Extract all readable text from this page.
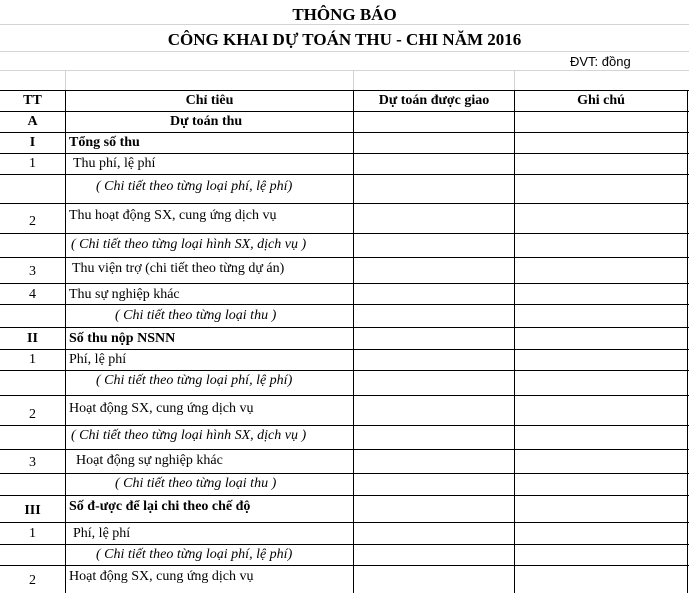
THÔNG BÁO
CÔNG KHAI DỰ TOÁN THU - CHI NĂM 2016
ĐVT: đồng
TT	Chỉ tiêu	Dự toán được giao	Ghi chú
A	Dự toán thu
I	Tổng số thu
1	Thu phí, lệ phí
( Chi tiết theo từng loại phí, lệ phí)
2	Thu hoạt động SX, cung ứng dịch vụ
( Chi tiết theo từng loại hình SX, dịch vụ )
3	Thu viện trợ (chi tiết theo từng dự án)
4	Thu sự nghiệp khác
( Chi tiết theo từng loại thu )
II	Số thu nộp NSNN
1	Phí, lệ phí
( Chi tiết theo từng loại phí, lệ phí)
2	Hoạt động SX, cung ứng dịch vụ
( Chi tiết theo từng loại hình SX, dịch vụ )
3	Hoạt động sự nghiệp khác
( Chi tiết theo từng loại thu )
III	Số đ-ược để lại chi theo chế độ
1	Phí, lệ phí
( Chi tiết theo từng loại phí, lệ phí)
2	Hoạt động SX, cung ứng dịch vụ
